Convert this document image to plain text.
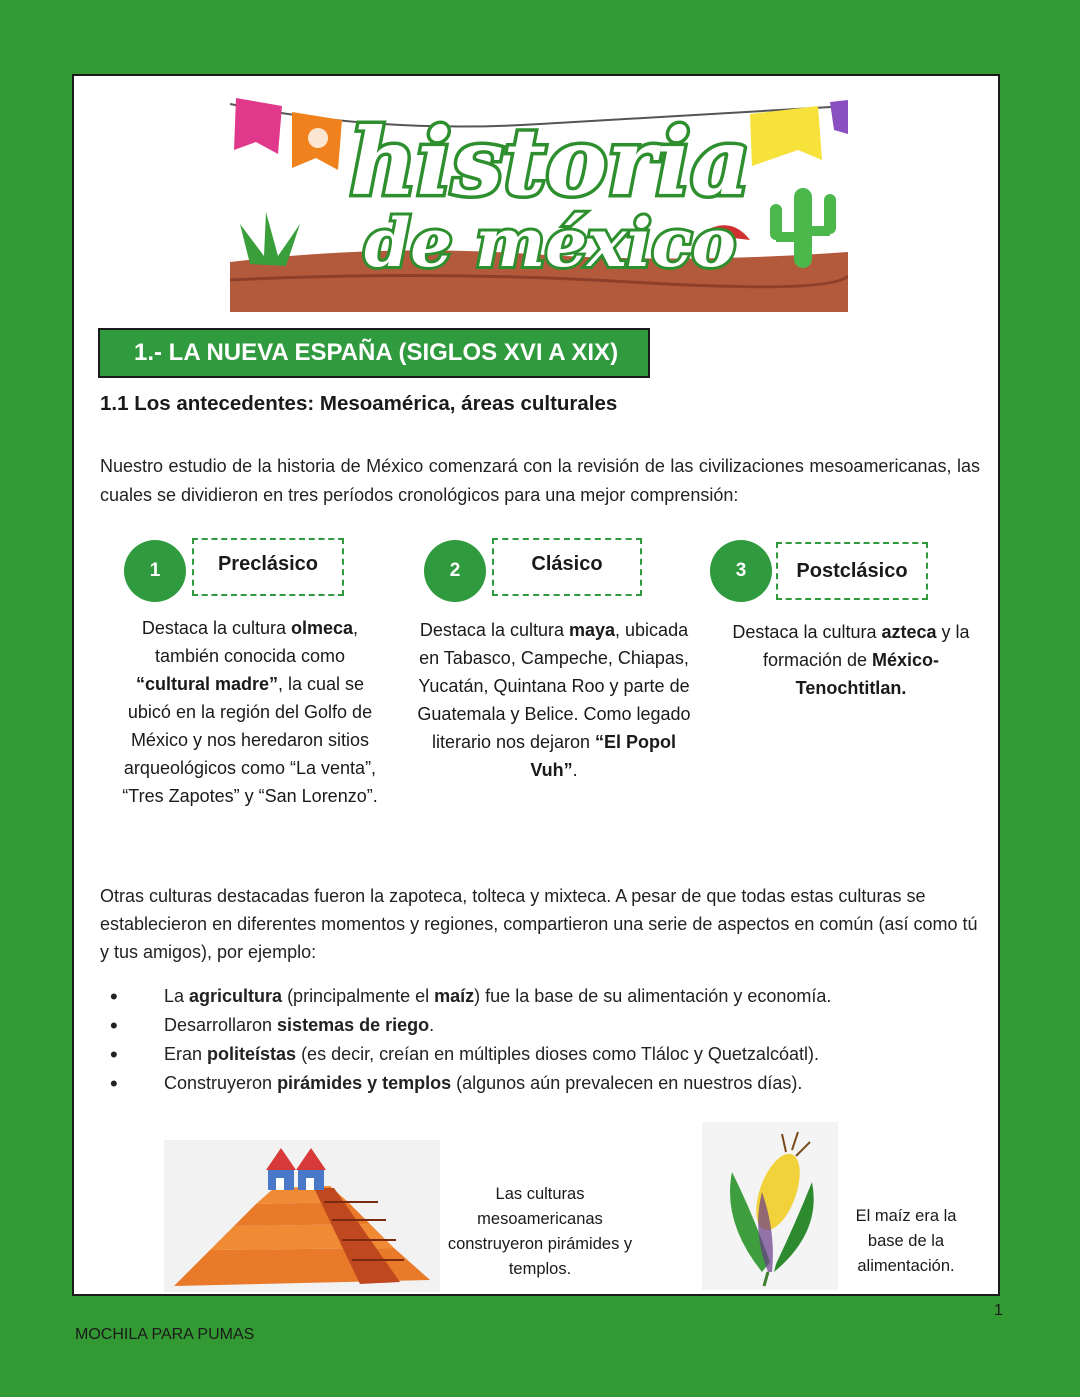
historia
de méxico
1.- LA NUEVA ESPAÑA (SIGLOS XVI A XIX)
1.1 Los antecedentes: Mesoamérica, áreas culturales
Nuestro estudio de la historia de México comenzará con la revisión de las civilizaciones mesoamericanas, las cuales se dividieron en tres períodos cronológicos para una mejor comprensión:
1	Preclásico
Destaca la cultura olmeca, también conocida como “cultural madre”, la cual se ubicó en la región del Golfo de México y nos heredaron sitios arqueológicos como “La venta”, “Tres Zapotes” y “San Lorenzo”.
2	Clásico
Destaca la cultura maya, ubicada en Tabasco, Campeche, Chiapas, Yucatán, Quintana Roo y parte de Guatemala y Belice. Como legado literario nos dejaron “El Popol Vuh”.
3	Postclásico
Destaca la cultura azteca y la formación de México-Tenochtitlan.
Otras culturas destacadas fueron la zapoteca, tolteca y mixteca. A pesar de que todas estas culturas se establecieron en diferentes momentos y regiones, compartieron una serie de aspectos en común (así como tú y tus amigos), por ejemplo:
•	La agricultura (principalmente el maíz) fue la base de su alimentación y economía.
•	Desarrollaron sistemas de riego.
•	Eran politeístas (es decir, creían en múltiples dioses como Tláloc y Quetzalcóatl).
•	Construyeron pirámides y templos (algunos aún prevalecen en nuestros días).
Las culturas mesoamericanas construyeron pirámides y templos.
El maíz era la base de la alimentación.
1
MOCHILA PARA PUMAS
